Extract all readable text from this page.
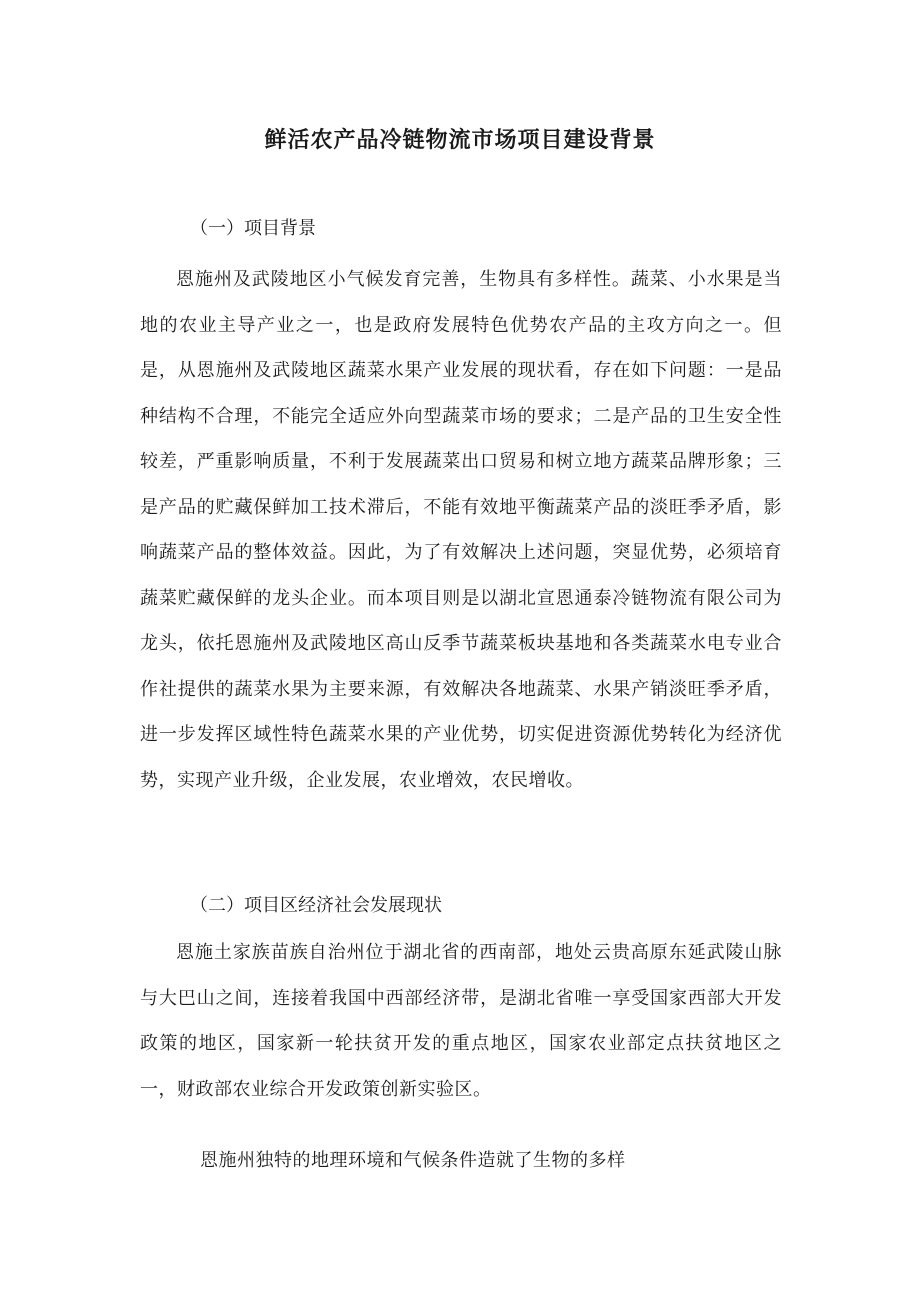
鲜活农产品冷链物流市场项目建设背景

（一）项目背景

恩施州及武陵地区小气候发育完善，生物具有多样性。蔬菜、小水果是当地的农业主导产业之一，也是政府发展特色优势农产品的主攻方向之一。但是，从恩施州及武陵地区蔬菜水果产业发展的现状看，存在如下问题：一是品种结构不合理，不能完全适应外向型蔬菜市场的要求；二是产品的卫生安全性较差，严重影响质量，不利于发展蔬菜出口贸易和树立地方蔬菜品牌形象；三是产品的贮藏保鲜加工技术滞后，不能有效地平衡蔬菜产品的淡旺季矛盾，影响蔬菜产品的整体效益。因此，为了有效解决上述问题，突显优势，必须培育蔬菜贮藏保鲜的龙头企业。而本项目则是以湖北宣恩通泰冷链物流有限公司为龙头，依托恩施州及武陵地区高山反季节蔬菜板块基地和各类蔬菜水电专业合作社提供的蔬菜水果为主要来源，有效解决各地蔬菜、水果产销淡旺季矛盾，进一步发挥区域性特色蔬菜水果的产业优势，切实促进资源优势转化为经济优势，实现产业升级，企业发展，农业增效，农民增收。

（二）项目区经济社会发展现状

恩施土家族苗族自治州位于湖北省的西南部，地处云贵高原东延武陵山脉与大巴山之间，连接着我国中西部经济带，是湖北省唯一享受国家西部大开发政策的地区，国家新一轮扶贫开发的重点地区，国家农业部定点扶贫地区之一，财政部农业综合开发政策创新实验区。

恩施州独特的地理环境和气候条件造就了生物的多样
